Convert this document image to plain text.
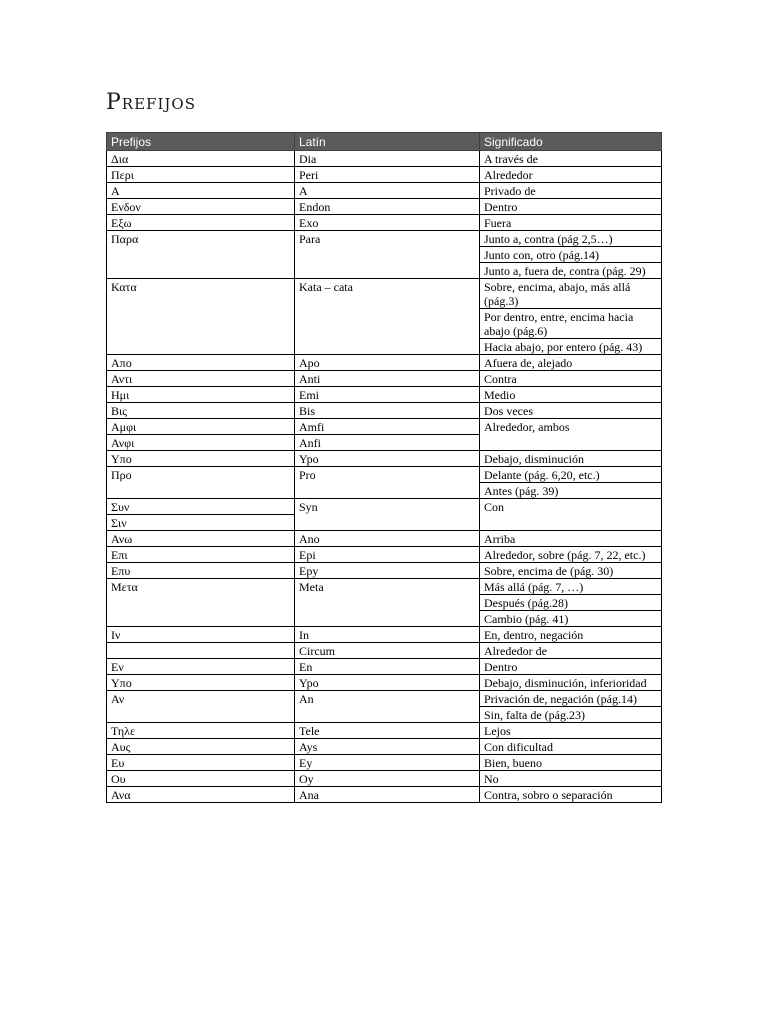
Prefijos
Prefijos	Latín	Significado
Δια	Dia	A través de
Περι	Peri	Alrededor
Α	A	Privado de
Ενδον	Endon	Dentro
Εξω	Exo	Fuera
Παρα	Para	Junto a, contra (pág 2,5…)
		Junto con, otro (pág.14)
		Junto a, fuera de, contra (pág. 29)
Κατα	Kata – cata	Sobre, encima, abajo, más allá (pág.3)
		Por dentro, entre, encima hacia abajo (pág.6)
		Hacia abajo, por entero (pág. 43)
Απο	Apo	Afuera de, alejado
Αντι	Anti	Contra
Ημι	Emi	Medio
Βις	Bis	Dos veces
Αμφι	Amfi	Alrededor, ambos
Ανφι	Anfi	
Υπο	Ypo	Debajo, disminución
Προ	Pro	Delante (pág. 6,20, etc.)
		Antes (pág. 39)
Συν	Syn	Con
Σιν		
Ανω	Ano	Arriba
Επι	Epi	Alrededor, sobre (pág. 7, 22, etc.)
Επυ	Epy	Sobre, encima de (pág. 30)
Μετα	Meta	Más allá (pág. 7, …)
		Después (pág.28)
		Cambio (pág. 41)
Ιν	In	En, dentro, negación
	Circum	Alrededor de
Εν	En	Dentro
Υπο	Ypo	Debajo, disminución, inferioridad
Αν	An	Privación de, negación (pág.14)
		Sin, falta de (pág.23)
Τηλε	Tele	Lejos
Αυς	Ays	Con dificultad
Ευ	Ey	Bien, bueno
Ου	Oy	No
Ανα	Ana	Contra, sobro o separación
